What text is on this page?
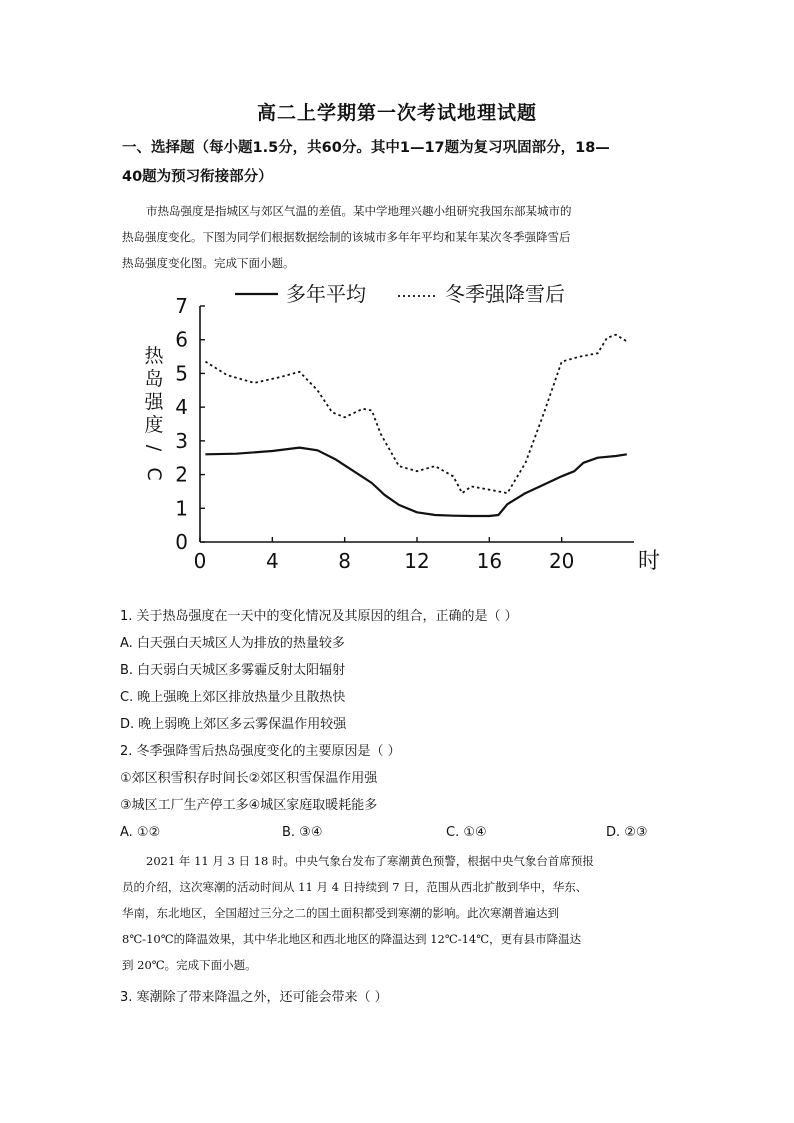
高二上学期第一次考试地理试题
一、选择题（每小题1.5分，共60分。其中1—17题为复习巩固部分，18—
40题为预习衔接部分）
市热岛强度是指城区与郊区气温的差值。某中学地理兴趣小组研究我国东部某城市的
热岛强度变化。下图为同学们根据数据绘制的该城市多年年平均和某年某次冬季强降雪后
热岛强度变化图。完成下面小题。
0
1
2
3
4
5
6
7
0	4	8	12 16 20	时
热
岛
强
度
/
C
多年平均	冬季强降雪后
1. 关于热岛强度在一天中的变化情况及其原因的组合，正确的是（ ）
A. 白天强白天城区人为排放的热量较多
B. 白天弱白天城区多雾霾反射太阳辐射
C. 晚上强晚上郊区排放热量少且散热快
D. 晚上弱晚上郊区多云雾保温作用较强
2. 冬季强降雪后热岛强度变化的主要原因是（ ）
①郊区积雪积存时间长②郊区积雪保温作用强
③城区工厂生产停工多④城区家庭取暖耗能多
A. ①②	B. ③④	C. ①④	D. ②③
2021 年 11 月 3 日 18 时。中央气象台发布了寒潮黄色预警，根据中央气象台首席预报
员的介绍，这次寒潮的活动时间从 11 月 4 日持续到 7 日，范围从西北扩散到华中，华东、
华南，东北地区，全国超过三分之二的国土面积都受到寒潮的影响。此次寒潮普遍达到
8℃-10℃的降温效果，其中华北地区和西北地区的降温达到 12℃-14℃，更有县市降温达
到 20℃。完成下面小题。
3. 寒潮除了带来降温之外，还可能会带来（ ）
